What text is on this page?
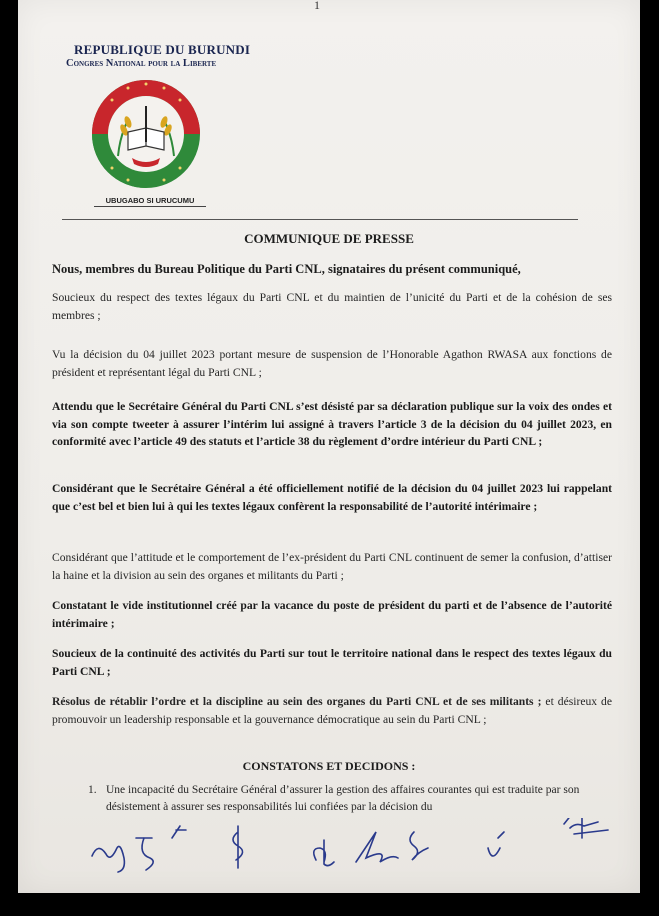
1
REPUBLIQUE DU BURUNDI
Congres National pour la Liberte
UBUGABO SI URUCUMU
COMMUNIQUE DE PRESSE
Nous, membres du Bureau Politique du Parti CNL, signataires du présent communiqué,
Soucieux du respect des textes légaux du Parti CNL et du maintien de l’unicité du Parti et de la cohésion de ses membres ;
Vu la décision du 04 juillet 2023 portant mesure de suspension de l’Honorable Agathon RWASA aux fonctions de président et représentant légal du Parti CNL ;
Attendu que le Secrétaire Général du Parti CNL s’est désisté par sa déclaration publique sur la voix des ondes et via son compte tweeter à assurer l’intérim lui assigné à travers l’article 3 de la décision du 04 juillet 2023, en conformité avec l’article 49 des statuts et l’article 38 du règlement d’ordre intérieur du Parti CNL ;
Considérant que le Secrétaire Général a été officiellement notifié de la décision du 04 juillet 2023 lui rappelant que c’est bel et bien lui à qui les textes légaux confèrent la responsabilité de l’autorité intérimaire ;
Considérant que l’attitude et le comportement de l’ex-président du Parti CNL continuent de semer la confusion, d’attiser la haine et la division au sein des organes et militants du Parti ;
Constatant le vide institutionnel créé par la vacance du poste de président du parti et de l’absence de l’autorité intérimaire ;
Soucieux de la continuité des activités du Parti sur tout le territoire national dans le respect des textes légaux du Parti CNL ;
Résolus de rétablir l’ordre et la discipline au sein des organes du Parti CNL et de ses militants ; et désireux de promouvoir un leadership responsable et la gouvernance démocratique au sein du Parti CNL ;
CONSTATONS ET DECIDONS :
1. Une incapacité du Secrétaire Général d’assurer la gestion des affaires courantes qui est traduite par son désistement à assurer ses responsabilités lui confiées par la décision du
